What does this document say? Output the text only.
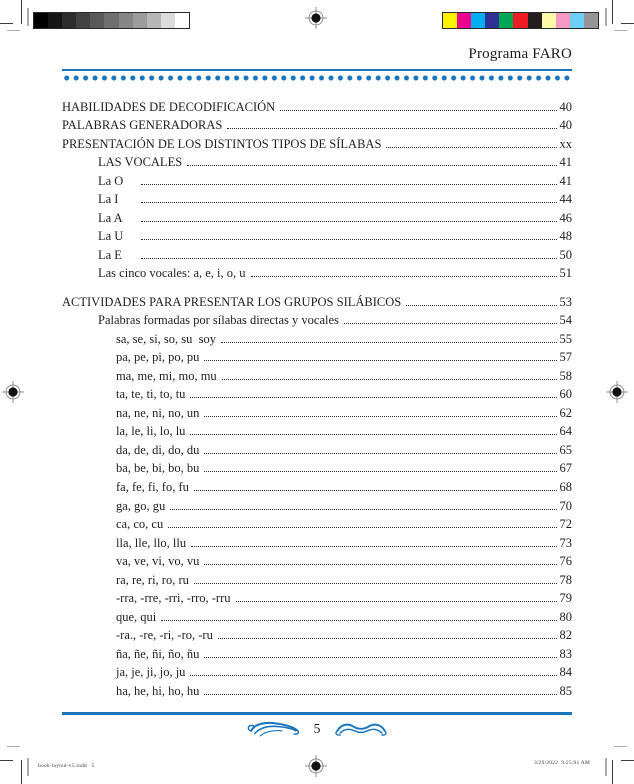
Programa FARO
HABILIDADES DE DECODIFICACIÓN	40
PALABRAS GENERADORAS	40
PRESENTACIÓN DE LOS DISTINTOS TIPOS DE SÍLABAS	xx
LAS VOCALES	41
La O	41
La I	44
La A	46
La U	48
La E	50
Las cinco vocales: a, e, i, o, u	51
ACTIVIDADES PARA PRESENTAR LOS GRUPOS SILÁBICOS	53
Palabras formadas por sílabas directas y vocales	54
sa, se, si, so, su  soy	55
pa, pe, pi, po, pu	57
ma, me, mi, mo, mu	58
ta, te, ti, to, tu	60
na, ne, ni, no, un	62
la, le, li, lo, lu	64
da, de, di, do, du	65
ba, be, bi, bo, bu	67
fa, fe, fi, fo, fu	68
ga, go, gu	70
ca, co, cu	72
lla, lle, llo, llu	73
va, ve, vi, vo, vu	76
ra, re, ri, ro, ru	78
-rra, -rre, -rri, -rro, -rru	79
que, qui	80
-ra., -re, -ri, -ro, -ru	82
ña, ñe, ñi, ño, ñu	83
ja, je, ji, jo, ju	84
ha, he, hi, ho, hu	85
5
book-layout-v5.indd   5	3/29/2022  9:25:01 AM
